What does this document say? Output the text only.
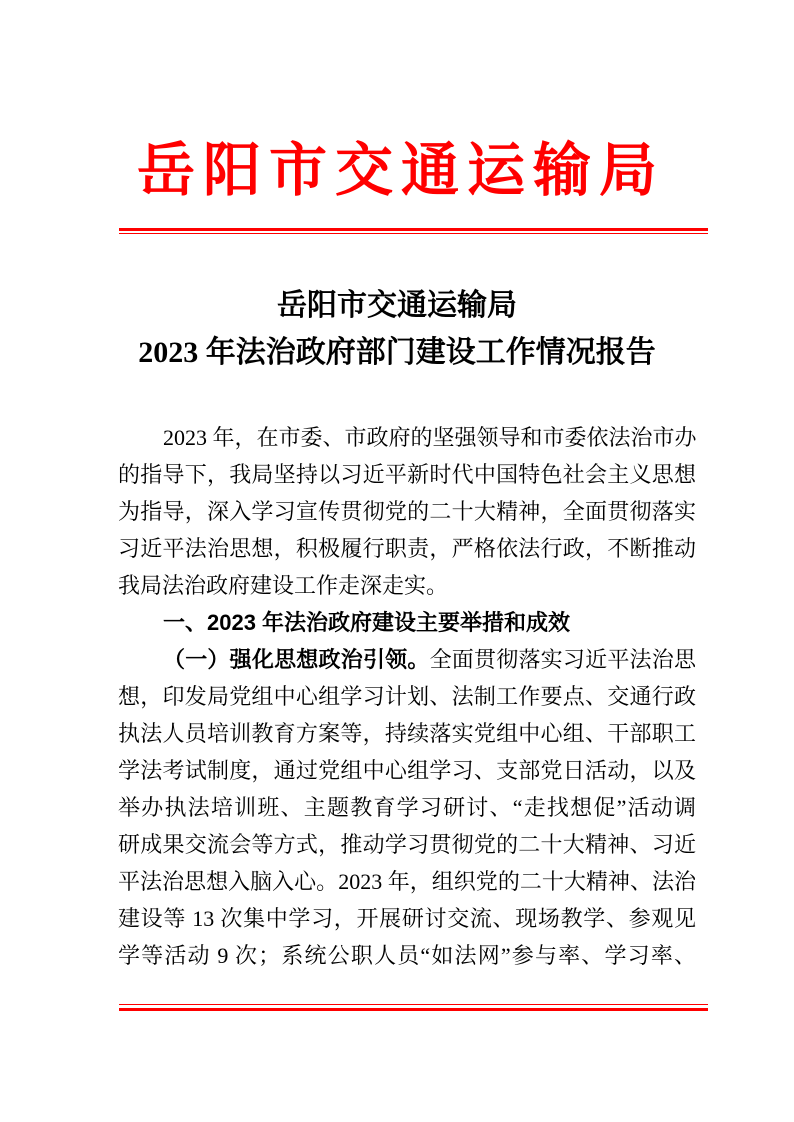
岳阳市交通运输局
岳阳市交通运输局
2023 年法治政府部门建设工作情况报告
2023 年，在市委、市政府的坚强领导和市委依法治市办
的指导下，我局坚持以习近平新时代中国特色社会主义思想
为指导，深入学习宣传贯彻党的二十大精神，全面贯彻落实
习近平法治思想，积极履行职责，严格依法行政，不断推动
我局法治政府建设工作走深走实。
一、2023 年法治政府建设主要举措和成效
（一）强化思想政治引领。全面贯彻落实习近平法治思
想，印发局党组中心组学习计划、法制工作要点、交通行政
执法人员培训教育方案等，持续落实党组中心组、干部职工
学法考试制度，通过党组中心组学习、支部党日活动，以及
举办执法培训班、主题教育学习研讨、“走找想促”活动调
研成果交流会等方式，推动学习贯彻党的二十大精神、习近
平法治思想入脑入心。2023 年，组织党的二十大精神、法治
建设等 13 次集中学习，开展研讨交流、现场教学、参观见
学等活动 9 次；系统公职人员“如法网”参与率、学习率、
